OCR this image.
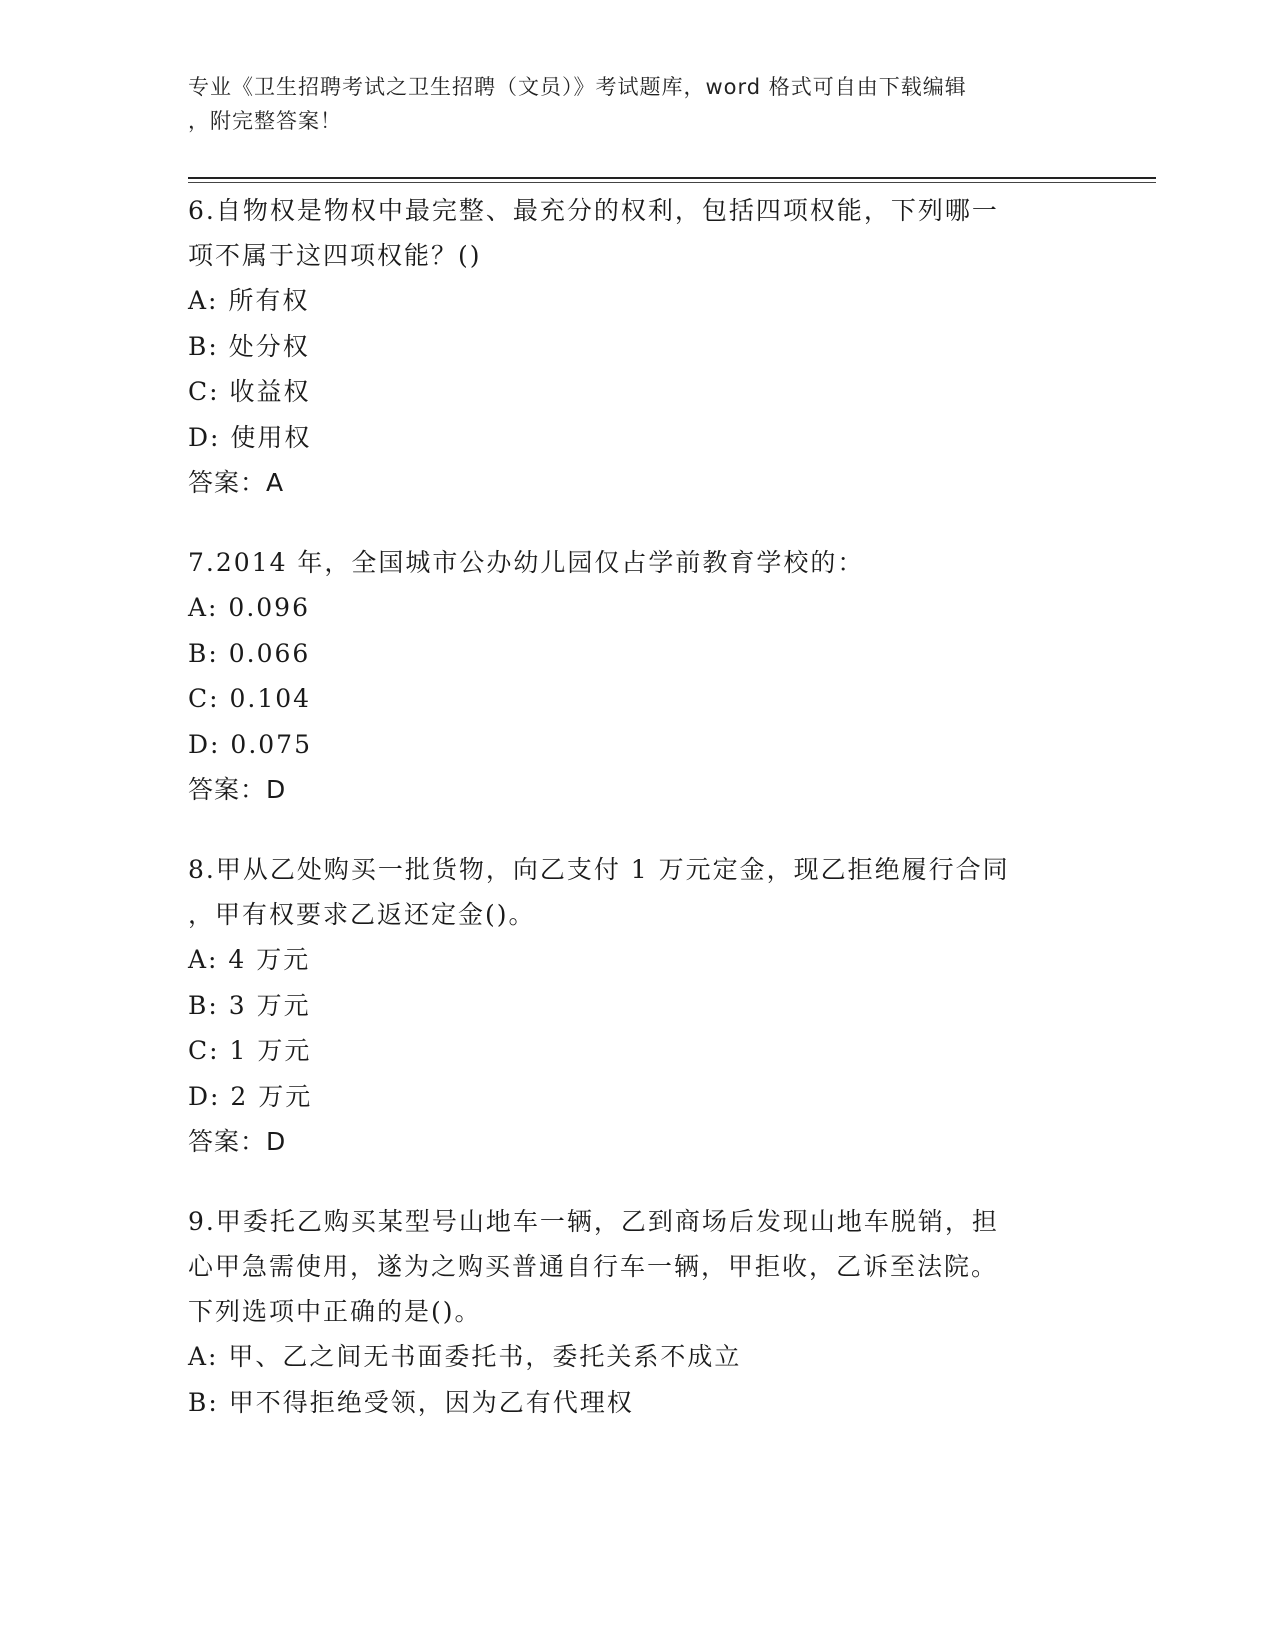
专业《卫生招聘考试之卫生招聘（文员）》考试题库，word 格式可自由下载编辑
，附完整答案！

6.自物权是物权中最完整、最充分的权利，包括四项权能，下列哪一
项不属于这四项权能？()

A: 所有权

B: 处分权

C: 收益权

D: 使用权

答案：A

7.2014 年，全国城市公办幼儿园仅占学前教育学校的：

A: 0.096

B: 0.066

C: 0.104

D: 0.075

答案：D

8.甲从乙处购买一批货物，向乙支付 1 万元定金，现乙拒绝履行合同
，甲有权要求乙返还定金()。

A: 4 万元

B: 3 万元

C: 1 万元

D: 2 万元

答案：D

9.甲委托乙购买某型号山地车一辆，乙到商场后发现山地车脱销，担
心甲急需使用，遂为之购买普通自行车一辆，甲拒收，乙诉至法院。
下列选项中正确的是()。

A: 甲、乙之间无书面委托书，委托关系不成立

B: 甲不得拒绝受领，因为乙有代理权
